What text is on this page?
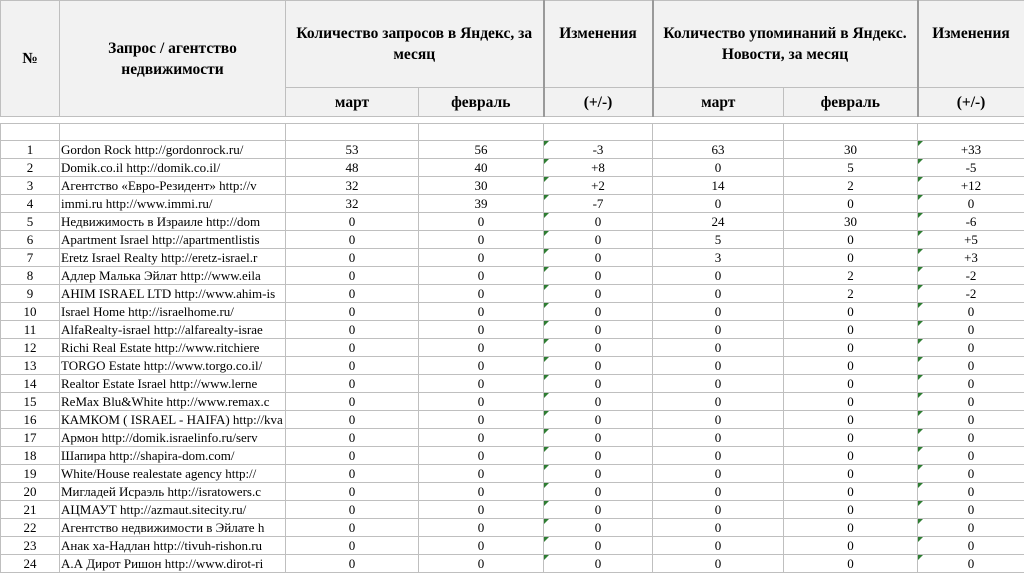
№	Запрос / агентство недвижимости	Количество запросов в Яндекс, за месяц		Изменения	Количество упоминаний в Яндекс. Новости, за месяц		Изменения
		март	февраль	(+/-)	март	февраль	(+/-)

1	Gordon Rock http://gordonrock.ru/	53	56	-3	63	30	+33
2	Domik.co.il http://domik.co.il/	48	40	+8	0	5	-5
3	Агентство «Евро-Резидент» http://v	32	30	+2	14	2	+12
4	immi.ru http://www.immi.ru/	32	39	-7	0	0	0
5	Недвижимость в Израиле http://dom	0	0	0	24	30	-6
6	Apartment Israel http://apartmentlistis	0	0	0	5	0	+5
7	Eretz Israel Realty http://eretz-israel.r	0	0	0	3	0	+3
8	Адлер Малька Эйлат http://www.eila	0	0	0	0	2	-2
9	AHIM ISRAEL LTD http://www.ahim-is	0	0	0	0	2	-2
10	Israel Home http://israelhome.ru/	0	0	0	0	0	0
11	AlfaRealty-israel http://alfarealty-israe	0	0	0	0	0	0
12	Richi Real Estate http://www.ritchiere	0	0	0	0	0	0
13	TORGO Estate http://www.torgo.co.il/	0	0	0	0	0	0
14	Realtor Estate Israel http://www.lerne	0	0	0	0	0	0
15	ReMax Blu&White http://www.remax.c	0	0	0	0	0	0
16	КАМКОМ ( ISRAEL - HAIFA) http://kva	0	0	0	0	0	0
17	Армон http://domik.israelinfo.ru/serv	0	0	0	0	0	0
18	Шапира http://shapira-dom.com/	0	0	0	0	0	0
19	White/House realestate agency http://	0	0	0	0	0	0
20	Мигладей Исраэль http://isratowers.c	0	0	0	0	0	0
21	АЦМАУТ http://azmaut.sitecity.ru/	0	0	0	0	0	0
22	Агентство недвижимости в Эйлате h	0	0	0	0	0	0
23	Анак ха-Надлан http://tivuh-rishon.ru	0	0	0	0	0	0
24	А.А Дирот Ришон http://www.dirot-ri	0	0	0	0	0	0
